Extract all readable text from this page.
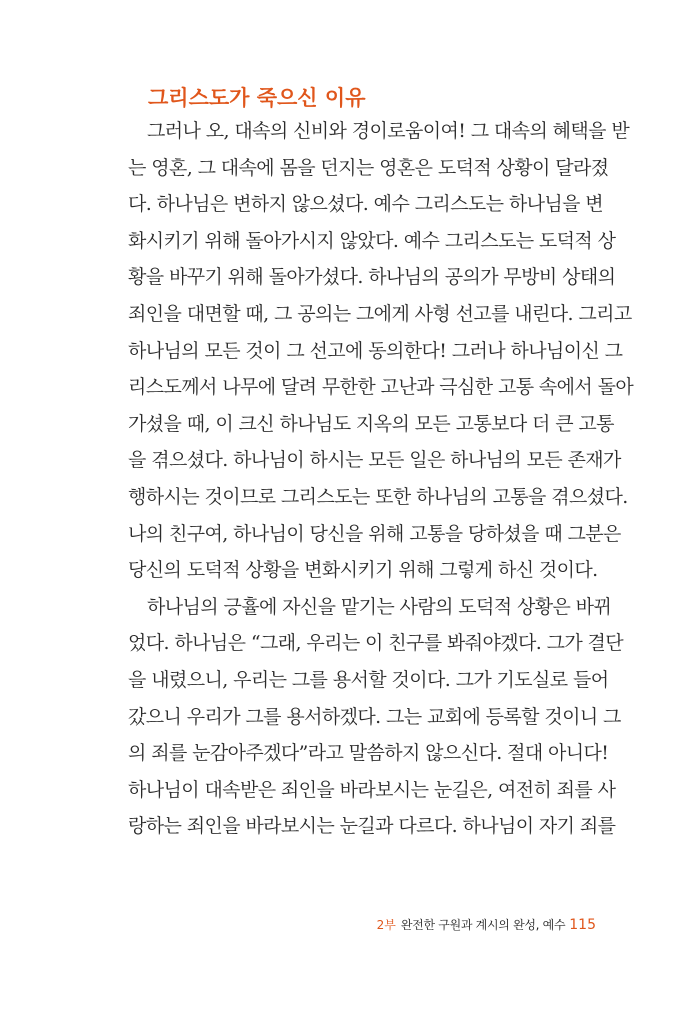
그리스도가 죽으신 이유
그러나 오, 대속의 신비와 경이로움이여! 그 대속의 혜택을 받
는 영혼, 그 대속에 몸을 던지는 영혼은 도덕적 상황이 달라졌
다. 하나님은 변하지 않으셨다. 예수 그리스도는 하나님을 변
화시키기 위해 돌아가시지 않았다. 예수 그리스도는 도덕적 상
황을 바꾸기 위해 돌아가셨다. 하나님의 공의가 무방비 상태의
죄인을 대면할 때, 그 공의는 그에게 사형 선고를 내린다. 그리고
하나님의 모든 것이 그 선고에 동의한다! 그러나 하나님이신 그
리스도께서 나무에 달려 무한한 고난과 극심한 고통 속에서 돌아
가셨을 때, 이 크신 하나님도 지옥의 모든 고통보다 더 큰 고통
을 겪으셨다. 하나님이 하시는 모든 일은 하나님의 모든 존재가
행하시는 것이므로 그리스도는 또한 하나님의 고통을 겪으셨다.
나의 친구여, 하나님이 당신을 위해 고통을 당하셨을 때 그분은
당신의 도덕적 상황을 변화시키기 위해 그렇게 하신 것이다.
하나님의 긍휼에 자신을 맡기는 사람의 도덕적 상황은 바뀌
었다. 하나님은 “그래, 우리는 이 친구를 봐줘야겠다. 그가 결단
을 내렸으니, 우리는 그를 용서할 것이다. 그가 기도실로 들어
갔으니 우리가 그를 용서하겠다. 그는 교회에 등록할 것이니 그
의 죄를 눈감아주겠다”라고 말씀하지 않으신다. 절대 아니다!
하나님이 대속받은 죄인을 바라보시는 눈길은, 여전히 죄를 사
랑하는 죄인을 바라보시는 눈길과 다르다. 하나님이 자기 죄를
2부 완전한 구원과 계시의 완성, 예수 115
